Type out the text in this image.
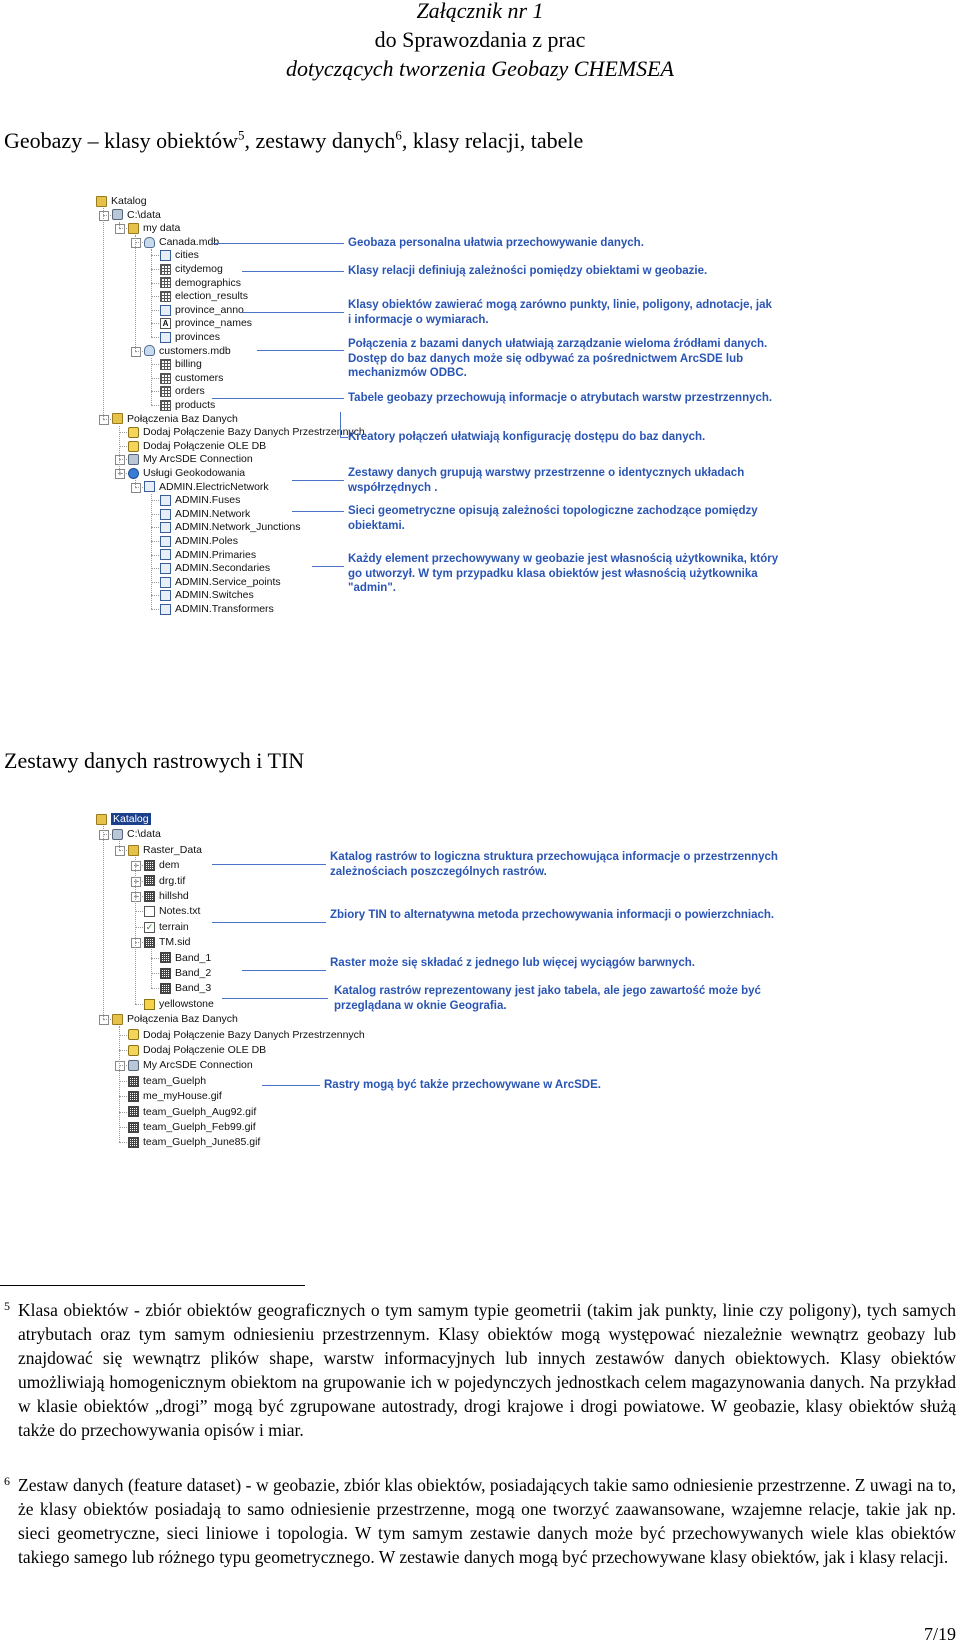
Załącznik nr 1
do Sprawozdania z prac
dotyczących tworzenia Geobazy CHEMSEA
Geobazy – klasy obiektów$^5$, zestawy danych$^6$, klasy relacji, tabele
Katalog
C:\data
-
my data
-
Canada.mdb
-
cities
citydemog
demographics
election_results
province_anno
A province_names
provinces
customers.mdb
-
billing
customers
orders
products
Połączenia Baz Danych
-
Dodaj Połączenie Bazy Danych Przestrzennych
Dodaj Połączenie OLE DB
My ArcSDE Connection
-
Usługi Geokodowania
+
ADMIN.ElectricNetwork
-
ADMIN.Fuses
ADMIN.Network
ADMIN.Network_Junctions
ADMIN.Poles
ADMIN.Primaries
ADMIN.Secondaries
ADMIN.Service_points
ADMIN.Switches
ADMIN.Transformers
Geobaza personalna ułatwia przechowywanie danych.
Klasy relacji definiują zależności pomiędzy obiektami w geobazie.
Klasy obiektów zawierać mogą zarówno punkty, linie, poligony, adnotacje, jak
i informacje o wymiarach.
Połączenia z bazami danych ułatwiają zarządzanie wieloma źródłami danych.
Dostęp do baz danych może się odbywać za pośrednictwem ArcSDE lub
mechanizmów ODBC.
Tabele geobazy przechowują informacje o atrybutach warstw przestrzennych.
Kreatory połączeń ułatwiają konfigurację dostępu do baz danych.
Zestawy danych grupują warstwy przestrzenne o identycznych układach
współrzędnych .
Sieci geometryczne opisują zależności topologiczne zachodzące pomiędzy
obiektami.
Każdy element przechowywany w geobazie jest własnością użytkownika, który
go utworzył. W tym przypadku klasa obiektów jest własnością użytkownika
"admin".
Zestawy danych rastrowych i TIN
Katalog
C:\data
-
Raster_Data
-
dem
+
drg.tif
+
hillshd
+
Notes.txt
✓ terrain
TM.sid
-
Band_1
Band_2
Band_3
yellowstone
Połączenia Baz Danych
-
Dodaj Połączenie Bazy Danych Przestrzennych
Dodaj Połączenie OLE DB
My ArcSDE Connection
-
team_Guelph
me_myHouse.gif
team_Guelph_Aug92.gif
team_Guelph_Feb99.gif
team_Guelph_June85.gif
Katalog rastrów to logiczna struktura przechowująca informacje o przestrzennych
zależnościach poszczególnych rastrów.
Zbiory TIN to alternatywna metoda przechowywania informacji o powierzchniach.
Raster może się składać z jednego lub więcej wyciągów barwnych.
Katalog rastrów reprezentowany jest jako tabela, ale jego zawartość może być
przeglądana w oknie Geografia.
Rastry mogą być także przechowywane w ArcSDE.
5 Klasa obiektów - zbiór obiektów geograficznych o tym samym typie geometrii (takim jak punkty, linie czy poligony), tych samych atrybutach oraz tym samym odniesieniu przestrzennym. Klasy obiektów mogą występować niezależnie wewnątrz geobazy lub znajdować się wewnątrz plików shape, warstw informacyjnych lub innych zestawów danych obiektowych. Klasy obiektów umożliwiają homogenicznym obiektom na grupowanie ich w pojedynczych jednostkach celem magazynowania danych. Na przykład w klasie obiektów „drogi” mogą być zgrupowane autostrady, drogi krajowe i drogi powiatowe. W geobazie, klasy obiektów służą także do przechowywania opisów i miar.
6 Zestaw danych (feature dataset) - w geobazie, zbiór klas obiektów, posiadających takie samo odniesienie przestrzenne. Z uwagi na to, że klasy obiektów posiadają to samo odniesienie przestrzenne, mogą one tworzyć zaawansowane, wzajemne relacje, takie jak np. sieci geometryczne, sieci liniowe i topologia. W tym samym zestawie danych może być przechowywanych wiele klas obiektów takiego samego lub różnego typu geometrycznego. W zestawie danych mogą być przechowywane klasy obiektów, jak i klasy relacji.
7/19
